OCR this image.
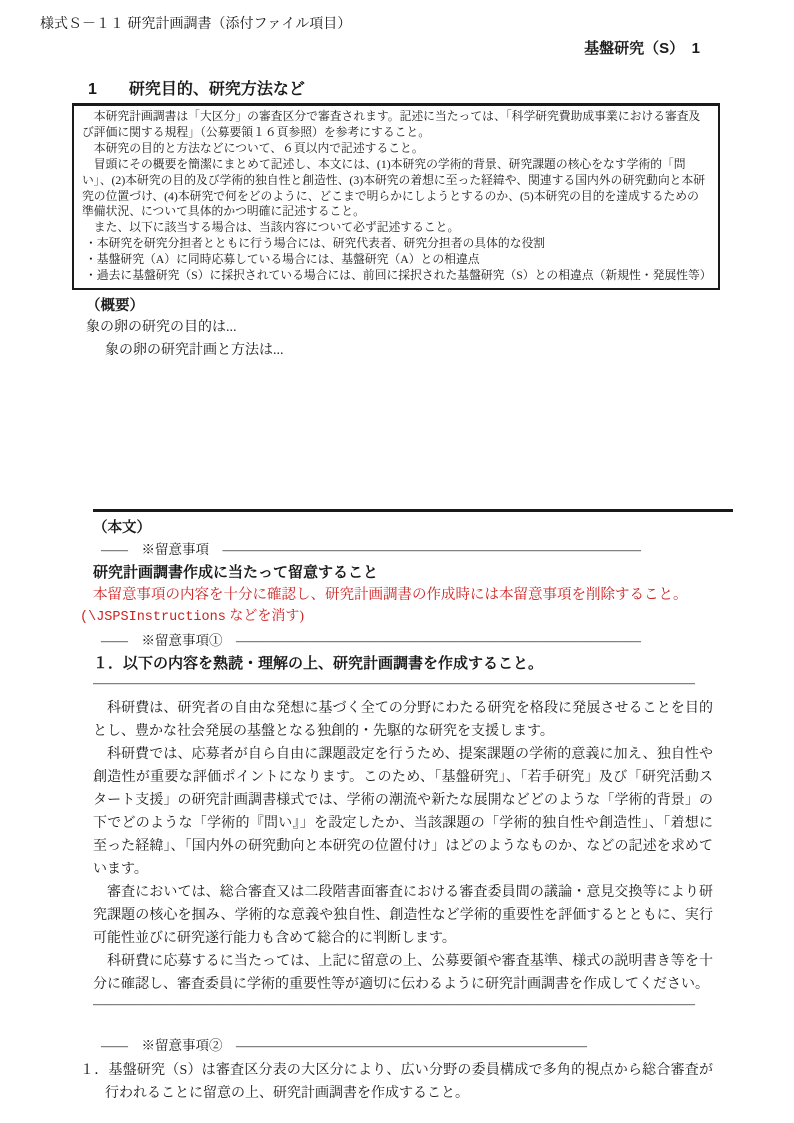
様式Ｓ－１１ 研究計画調書（添付ファイル項目）
基盤研究（S）　1
1　　研究目的、研究方法など

本研究計画調書は「大区分」の審査区分で審査されます。記述に当たっては、「科学研究費助成事業における審査及び評価に関する規程」（公募要領１６頁参照）を参考にすること。

本研究の目的と方法などについて、６頁以内で記述すること。

冒頭にその概要を簡潔にまとめて記述し、本文には、(1)本研究の学術的背景、研究課題の核心をなす学術的「問い」、(2)本研究の目的及び学術的独自性と創造性、(3)本研究の着想に至った経緯や、関連する国内外の研究動向と本研究の位置づけ、(4)本研究で何をどのように、どこまで明らかにしようとするのか、(5)本研究の目的を達成するための準備状況、について具体的かつ明確に記述すること。

また、以下に該当する場合は、当該内容について必ず記述すること。

・本研究を研究分担者とともに行う場合には、研究代表者、研究分担者の具体的な役割

・基盤研究（A）に同時応募している場合には、基盤研究（A）との相違点

・過去に基盤研究（S）に採択されている場合には、前回に採択された基盤研究（S）との相違点（新規性・発展性等）

（概要）
象の卵の研究の目的は...
象の卵の研究計画と方法は...
（本文）
――　※留意事項　―――――――――――――――――――――――――――――――
研究計画調書作成に当たって留意すること
本留意事項の内容を十分に確認し、研究計画調書の作成時には本留意事項を削除すること。
(\JSPSInstructions などを消す)
――　※留意事項①　――――――――――――――――――――――――――――――
１．以下の内容を熟読・理解の上、研究計画調書を作成すること。
―――――――――――――――――――――――――――――――――――――――――――

科研費は、研究者の自由な発想に基づく全ての分野にわたる研究を格段に発展させることを目的とし、豊かな社会発展の基盤となる独創的・先駆的な研究を支援します。

科研費では、応募者が自ら自由に課題設定を行うため、提案課題の学術的意義に加え、独自性や創造性が重要な評価ポイントになります。このため、「基盤研究」、「若手研究」及び「研究活動スタート支援」の研究計画調書様式では、学術の潮流や新たな展開などどのような「学術的背景」の下でどのような「学術的『問い』」を設定したか、当該課題の「学術的独自性や創造性」、「着想に至った経緯」、「国内外の研究動向と本研究の位置付け」はどのようなものか、などの記述を求めています。

審査においては、総合審査又は二段階書面審査における審査委員間の議論・意見交換等により研究課題の核心を掴み、学術的な意義や独自性、創造性など学術的重要性を評価するとともに、実行可能性並びに研究遂行能力も含めて総合的に判断します。

科研費に応募するに当たっては、上記に留意の上、公募要領や審査基準、様式の説明書き等を十分に確認し、審査委員に学術的重要性等が適切に伝わるように研究計画調書を作成してください。

―――――――――――――――――――――――――――――――――――――――――――
――　※留意事項②　――――――――――――――――――――――――――
１．基盤研究（S）は審査区分表の大区分により、広い分野の委員構成で多角的視点から総合審査が行われることに留意の上、研究計画調書を作成すること。
